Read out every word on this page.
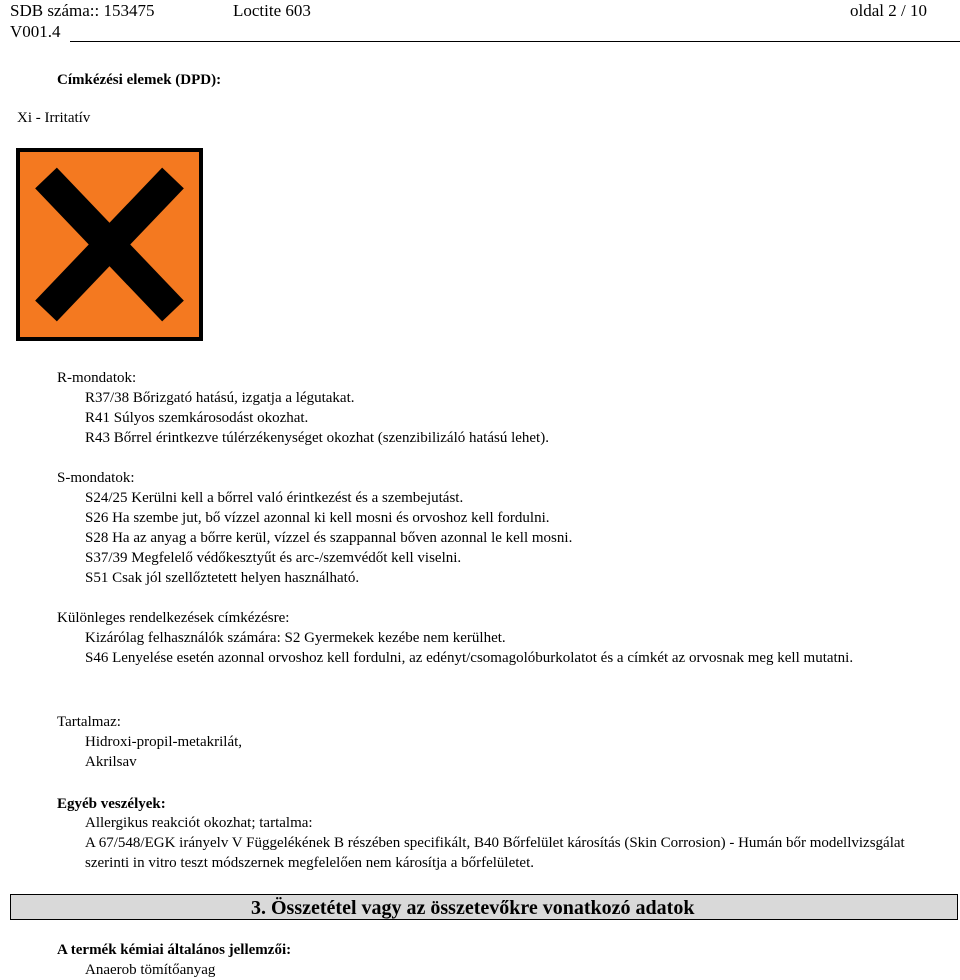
SDB száma:: 153475	Loctite 603	oldal 2 / 10
V001.4
Címkézési elemek (DPD):
Xi - Irritatív
R-mondatok:
R37/38 Bőrizgató hatású, izgatja a légutakat.
R41 Súlyos szemkárosodást okozhat.
R43 Bőrrel érintkezve túlérzékenységet okozhat (szenzibilizáló hatású lehet).
S-mondatok:
S24/25 Kerülni kell a bőrrel való érintkezést és a szembejutást.
S26 Ha szembe jut, bő vízzel azonnal ki kell mosni és orvoshoz kell fordulni.
S28 Ha az anyag a bőrre kerül, vízzel és szappannal bőven azonnal le kell mosni.
S37/39 Megfelelő védőkesztyűt és arc-/szemvédőt kell viselni.
S51 Csak jól szellőztetett helyen használható.
Különleges rendelkezések címkézésre:
Kizárólag felhasználók számára: S2 Gyermekek kezébe nem kerülhet.
S46 Lenyelése esetén azonnal orvoshoz kell fordulni, az edényt/csomagolóburkolatot és a címkét az orvosnak meg kell mutatni.
Tartalmaz:
Hidroxi-propil-metakrilát,
Akrilsav
Egyéb veszélyek:
Allergikus reakciót okozhat; tartalma:
A 67/548/EGK irányelv V Függelékének B részében specifikált, B40 Bőrfelület károsítás (Skin Corrosion) - Humán bőr modellvizsgálat szerinti in vitro teszt módszernek megfelelően nem károsítja a bőrfelületet.
3. Összetétel vagy az összetevőkre vonatkozó adatok
A termék kémiai általános jellemzői:
Anaerob tömítőanyag
